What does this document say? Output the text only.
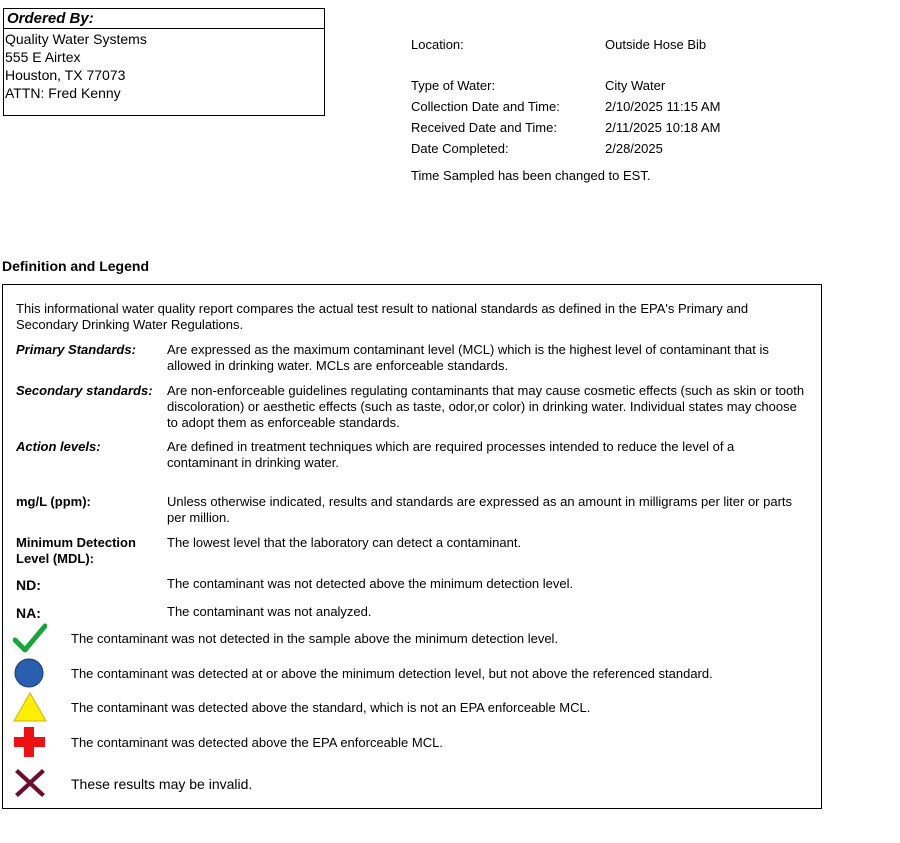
Ordered By:
Quality Water Systems
555 E Airtex
Houston, TX 77073
ATTN: Fred Kenny
Location:	Outside Hose Bib
Type of Water:	City Water
Collection Date and Time:	2/10/2025 11:15 AM
Received Date and Time:	2/11/2025 10:18 AM
Date Completed:	2/28/2025
Time Sampled has been changed to EST.
Definition and Legend
This informational water quality report compares the actual test result to national standards as defined in the EPA's Primary and Secondary Drinking Water Regulations.
Primary Standards: Are expressed as the maximum contaminant level (MCL) which is the highest level of contaminant that is allowed in drinking water. MCLs are enforceable standards.
Secondary standards: Are non-enforceable guidelines regulating contaminants that may cause cosmetic effects (such as skin or tooth discoloration) or aesthetic effects (such as taste, odor,or color) in drinking water. Individual states may choose to adopt them as enforceable standards.
Action levels:	Are defined in treatment techniques which are required processes intended to reduce the level of a contaminant in drinking water.
mg/L (ppm):	Unless otherwise indicated, results and standards are expressed as an amount in milligrams per liter or parts per million.
Minimum Detection Level (MDL):
The lowest level that the laboratory can detect a contaminant.
ND:	The contaminant was not detected above the minimum detection level.
NA:	The contaminant was not analyzed.
The contaminant was not detected in the sample above the minimum detection level.
The contaminant was detected at or above the minimum detection level, but not above the referenced standard.
The contaminant was detected above the standard, which is not an EPA enforceable MCL.
The contaminant was detected above the EPA enforceable MCL.
These results may be invalid.
